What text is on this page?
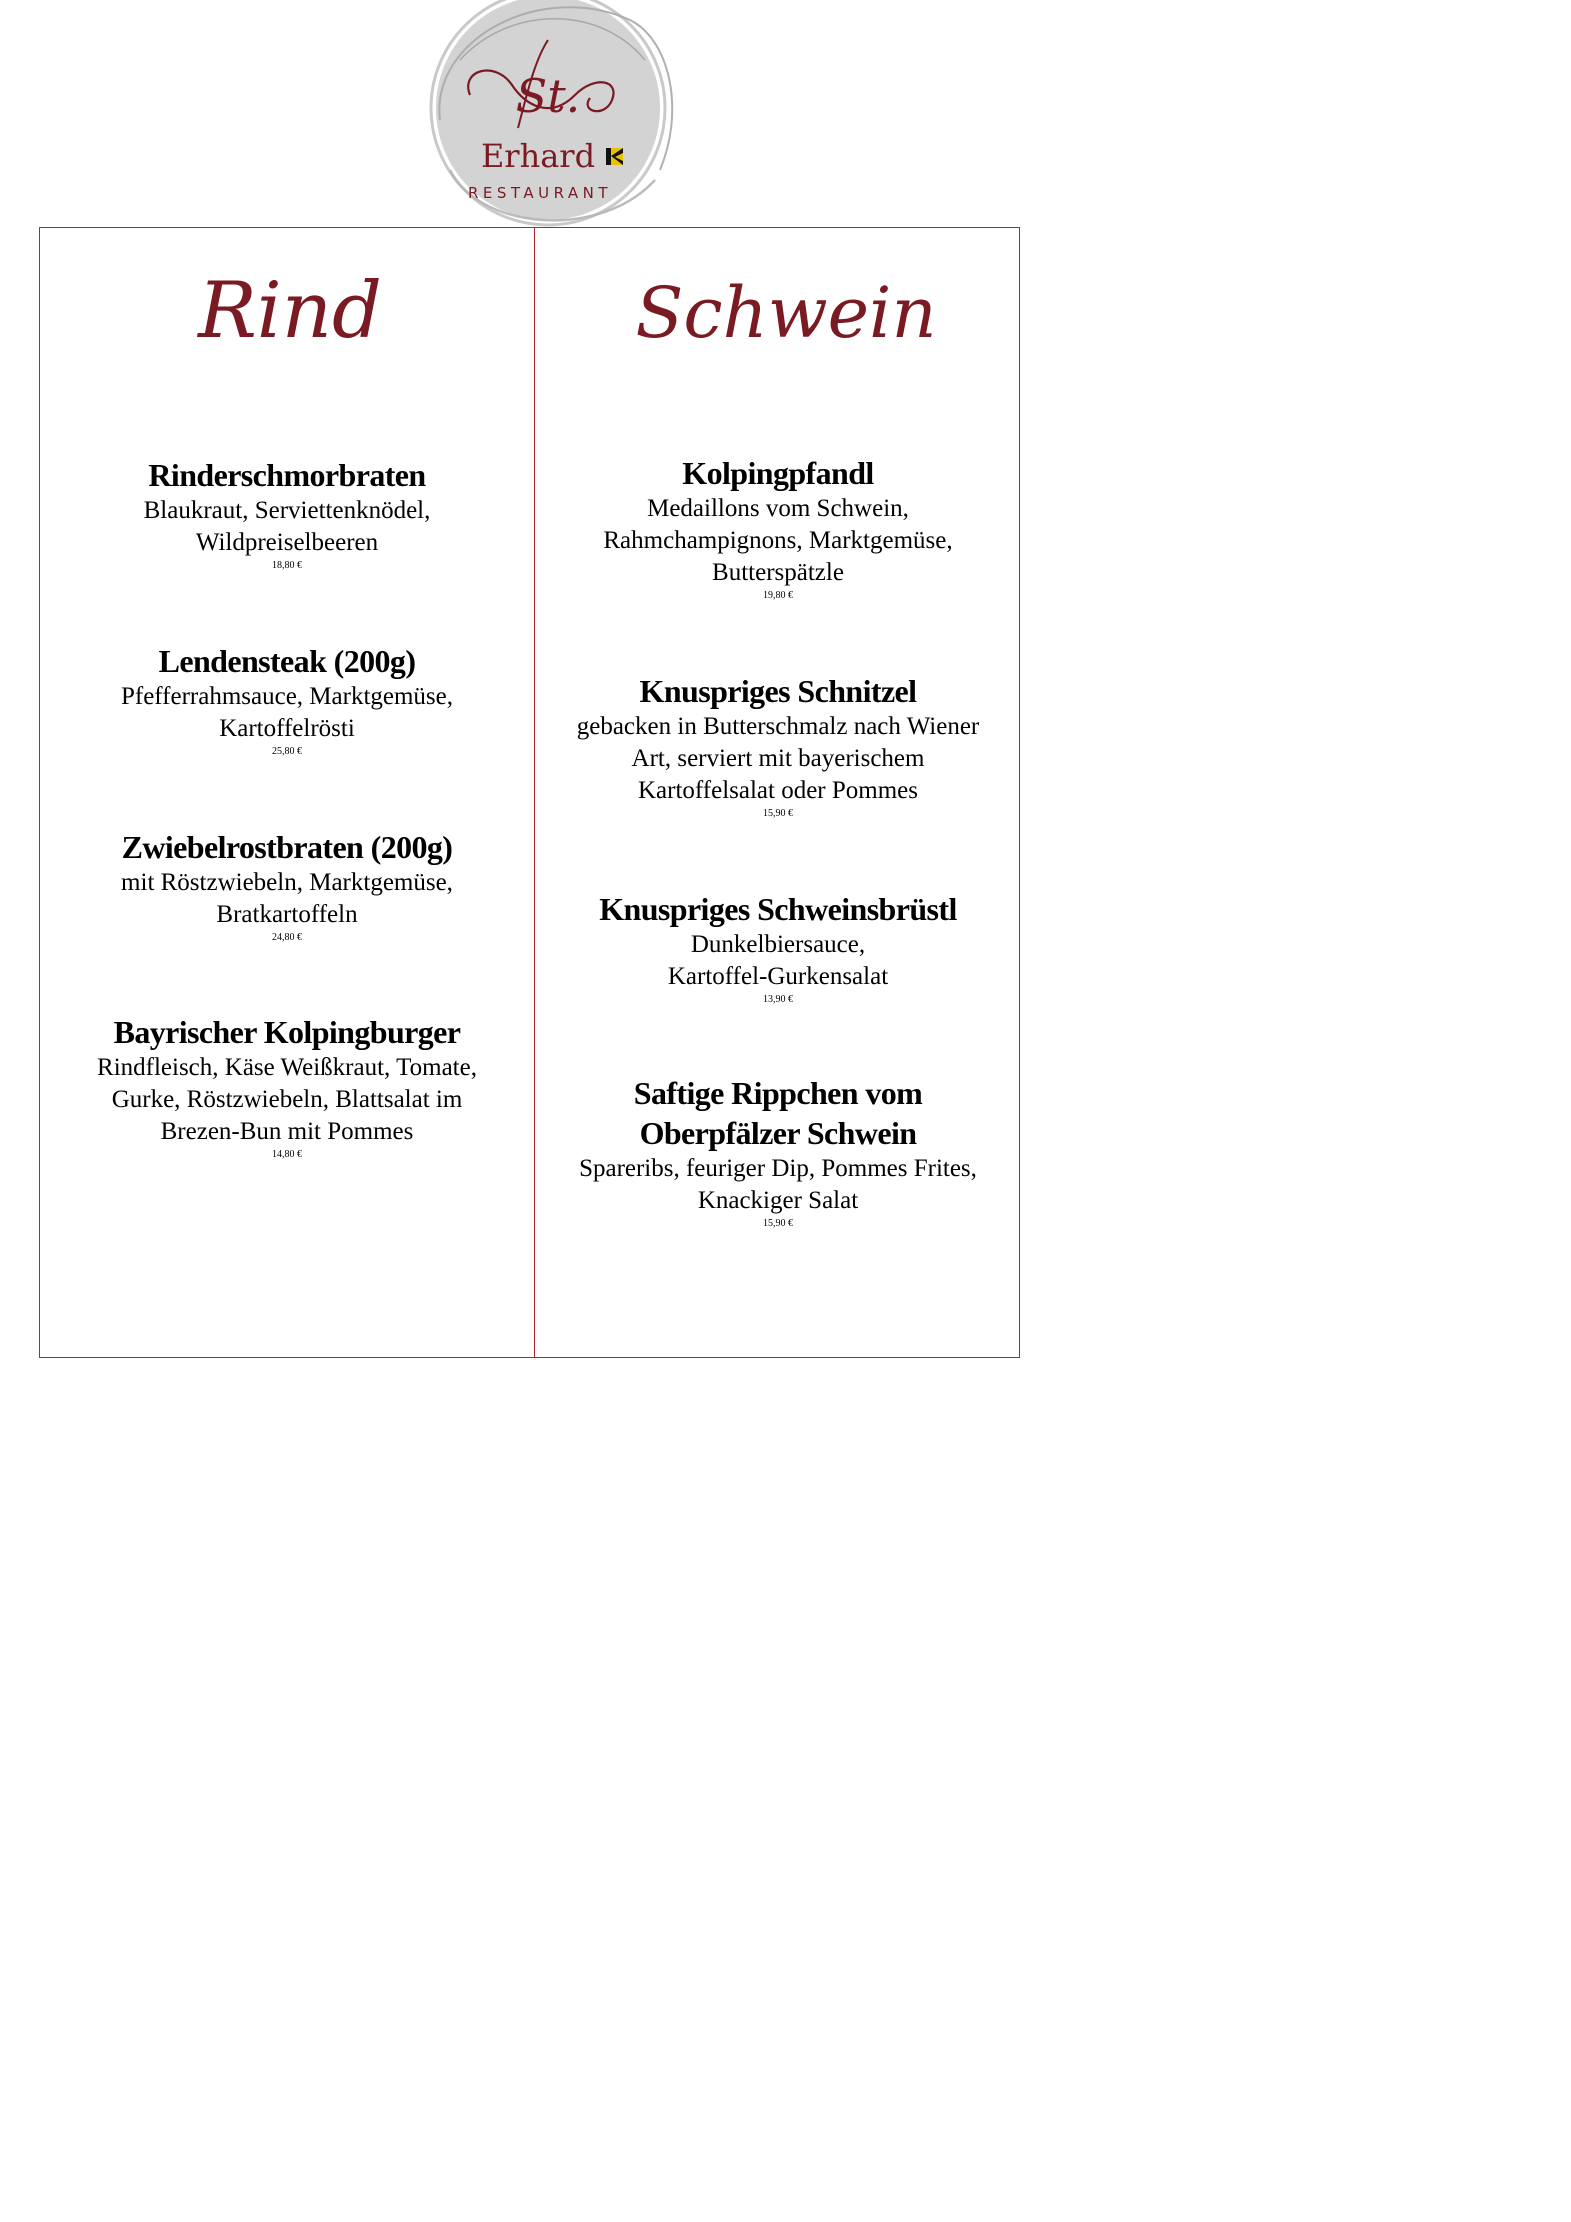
St.
Erhard
RESTAURANT
Rind
Rinderschmorbraten
Blaukraut, Serviettenknödel,
Wildpreiselbeeren
18,80 €
Lendensteak (200g)
Pfefferrahmsauce, Marktgemüse,
Kartoffelrösti
25,80 €
Zwiebelrostbraten (200g)
mit Röstzwiebeln, Marktgemüse,
Bratkartoffeln
24,80 €
Bayrischer Kolpingburger
Rindfleisch, Käse Weißkraut, Tomate,
Gurke, Röstzwiebeln, Blattsalat im
Brezen-Bun mit Pommes
14,80 €
Schwein
Kolpingpfandl
Medaillons vom Schwein,
Rahmchampignons, Marktgemüse,
Butterspätzle
19,80 €
Knuspriges Schnitzel
gebacken in Butterschmalz nach Wiener
Art, serviert mit bayerischem
Kartoffelsalat oder Pommes
15,90 €
Knuspriges Schweinsbrüstl
Dunkelbiersauce,
Kartoffel-Gurkensalat
13,90 €
Saftige Rippchen vom
Oberpfälzer Schwein
Spareribs, feuriger Dip, Pommes Frites,
Knackiger Salat
15,90 €
